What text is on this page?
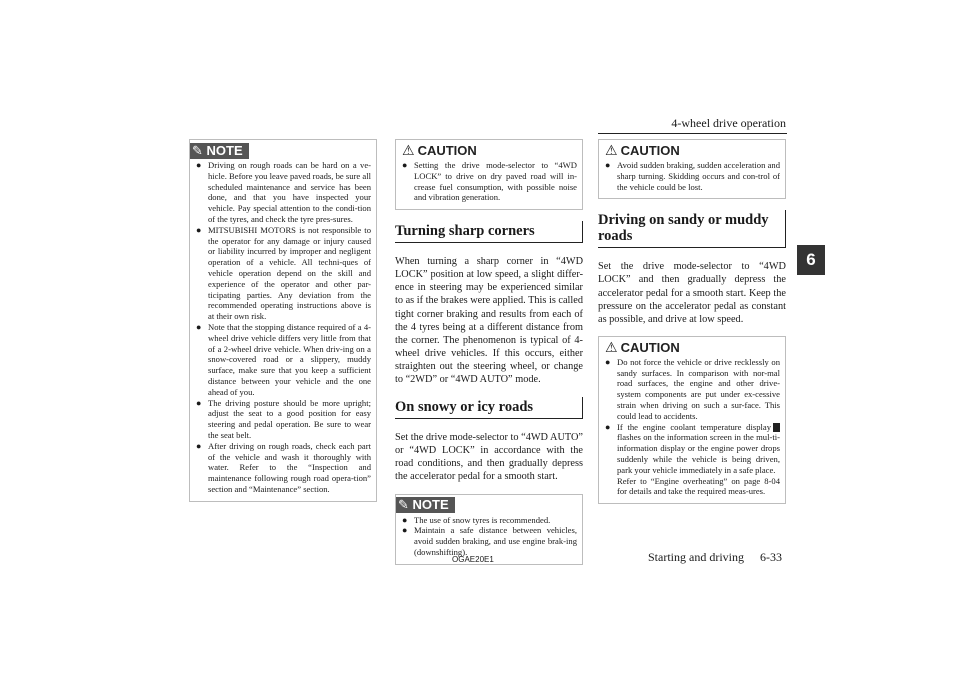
4-wheel drive operation
6
✎ NOTE
● Driving on rough roads can be hard on a ve-hicle. Before you leave paved roads, be sure all scheduled maintenance and service has been done, and that you have inspected your vehicle. Pay special attention to the condi-tion of the tyres, and check the tyre pres-sures.
● MITSUBISHI MOTORS is not responsible to the operator for any damage or injury caused or liability incurred by improper and negligent operation of a vehicle. All techni-ques of vehicle operation depend on the skill and experience of the operator and other par-ticipating parties. Any deviation from the recommended operating instructions above is at their own risk.
● Note that the stopping distance required of a 4-wheel drive vehicle differs very little from that of a 2-wheel drive vehicle. When driv-ing on a snow-covered road or a slippery, muddy surface, make sure that you keep a sufficient distance between your vehicle and the one ahead of you.
● The driving posture should be more upright; adjust the seat to a good position for easy steering and pedal operation. Be sure to wear the seat belt.
● After driving on rough roads, check each part of the vehicle and wash it thoroughly with water. Refer to the “Inspection and maintenance following rough road opera-tion” section and “Maintenance” section.
⚠ CAUTION
● Setting the drive mode-selector to “4WD LOCK” to drive on dry paved road will in-crease fuel consumption, with possible noise and vibration generation.
Turning sharp corners

When turning a sharp corner in “4WD LOCK” position at low speed, a slight differ-ence in steering may be experienced similar to as if the brakes were applied. This is called tight corner braking and results from each of the 4 tyres being at a different distance from the corner. The phenomenon is typical of 4-wheel drive vehicles. If this occurs, either straighten out the steering wheel, or change to “2WD” or “4WD AUTO” mode.

On snowy or icy roads

Set the drive mode-selector to “4WD AUTO” or “4WD LOCK” in accordance with the road conditions, and then gradually depress the accelerator pedal for a smooth start.

✎ NOTE
● The use of snow tyres is recommended.
● Maintain a safe distance between vehicles, avoid sudden braking, and use engine brak-ing (downshifting).
⚠ CAUTION
● Avoid sudden braking, sudden acceleration and sharp turning. Skidding occurs and con-trol of the vehicle could be lost.
Driving on sandy or muddy roads

Set the drive mode-selector to “4WD LOCK” and then gradually depress the accelerator pedal for a smooth start. Keep the pressure on the accelerator pedal as constant as possible, and drive at low speed.

⚠ CAUTION
● Do not force the vehicle or drive recklessly on sandy surfaces. In comparison with nor-mal road surfaces, the engine and other drive-system components are put under ex-cessive strain when driving on such a sur-face. This could lead to accidents.
● If the engine coolant temperature display flashes on the information screen in the mul-ti-information display or the engine power drops suddenly while the vehicle is being driven, park your vehicle immediately in a safe place.
Refer to “Engine overheating” on page 8-04 for details and take the required meas-ures.
OGAE20E1	Starting and driving 6-33
